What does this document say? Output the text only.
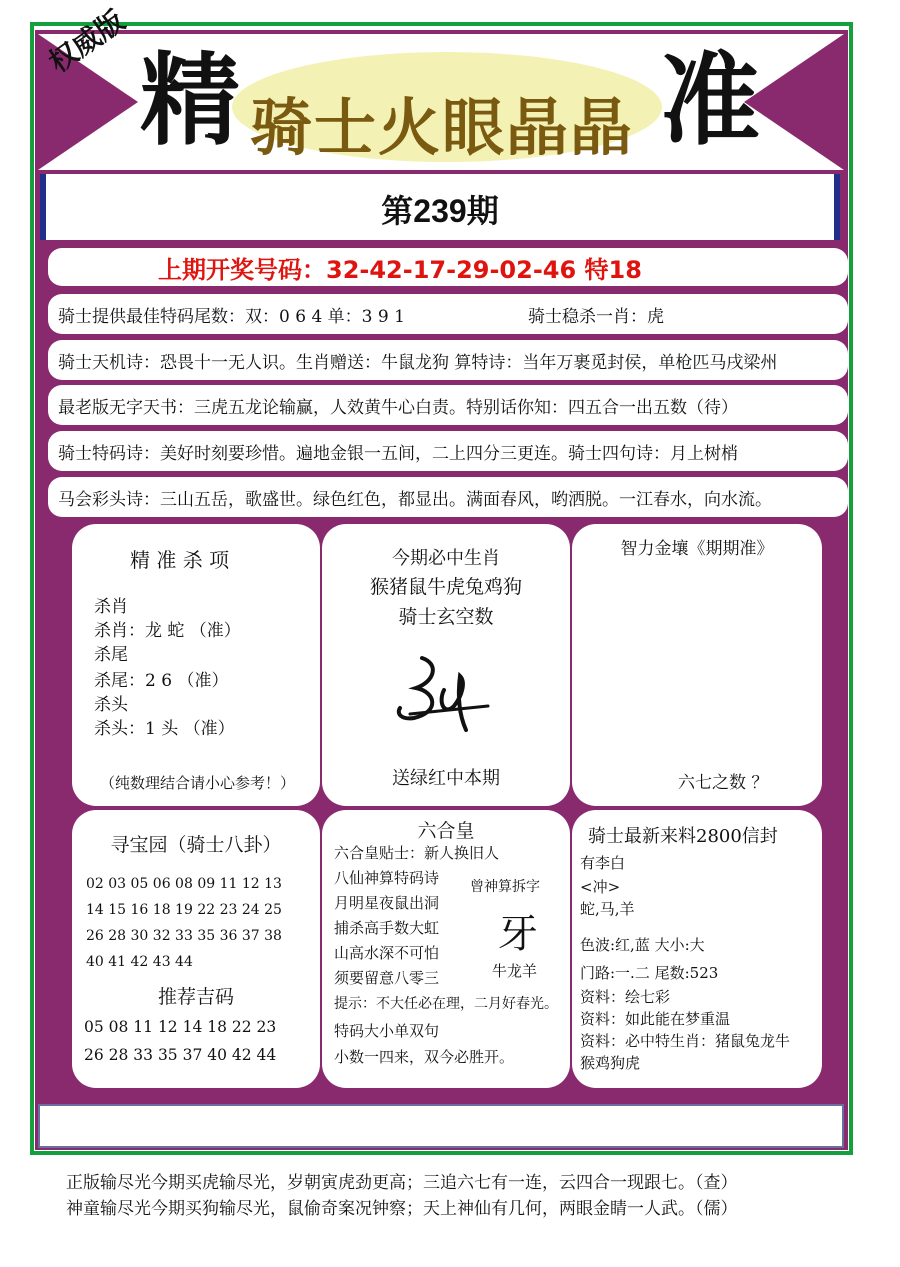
权威版 精 骑士火眼晶晶 准
第239期
上期开奖号码：32-42-17-29-02-46 特18
骑士提供最佳特码尾数：双：0 6 4 单：3 9 1	骑士稳杀一肖：虎
骑士天机诗：恐畏十一无人识。生肖赠送：牛鼠龙狗 算特诗：当年万裹觅封侯，单枪匹马戌梁州
最老版无字天书：三虎五龙论输赢，人效黄牛心白责。特别话你知：四五合一出五数（待）
骑士特码诗：美好时刻要珍惜。遍地金银一五间，二上四分三更连。骑士四句诗：月上树梢
马会彩头诗：三山五岳，歌盛世。绿色红色，都显出。满面春风，哟洒脱。一江春水，向水流。
精 准 杀 项
杀肖
杀肖：龙 蛇 （准）
杀尾
杀尾：2 6 （准）
杀头
杀头：1 头 （准）
（纯数理结合请小心参考！）
今期必中生肖
猴猪鼠牛虎兔鸡狗
骑士玄空数
送绿红中本期
智力金壤《期期准》
六七之数 ？
寻宝园（骑士八卦）
02 03 05 06 08 09 11 12 13
14 15 16 18 19 22 23 24 25
26 28 30 32 33 35 36 37 38
40 41 42 43 44
推荐吉码
05 08 11 12 14 18 22 23
26 28 33 35 37 40 42 44
六合皇
六合皇贴士：新人换旧人
八仙神算特码诗
月明星夜鼠出洞
捕杀高手数大虹
山高水深不可怕
须要留意八零三
提示：不大任必在理，二月好春光。
特码大小单双句
小数一四来，双今必胜开。
曾神算拆字
牙
牛龙羊
骑士最新来料2800信封
有李白
<冲>
蛇,马,羊
色波:红,蓝 大小:大
门路:一.二 尾数:523
资料：绘七彩
资料：如此能在梦重温
资料：必中特生肖：猪鼠兔龙牛
猴鸡狗虎
正版输尽光今期买虎输尽光，岁朝寅虎劲更高；三追六七有一连，云四合一现跟七。（查）
神童输尽光今期买狗输尽光，鼠偷奇案况钟察；天上神仙有几何，两眼金睛一人武。（儒）
